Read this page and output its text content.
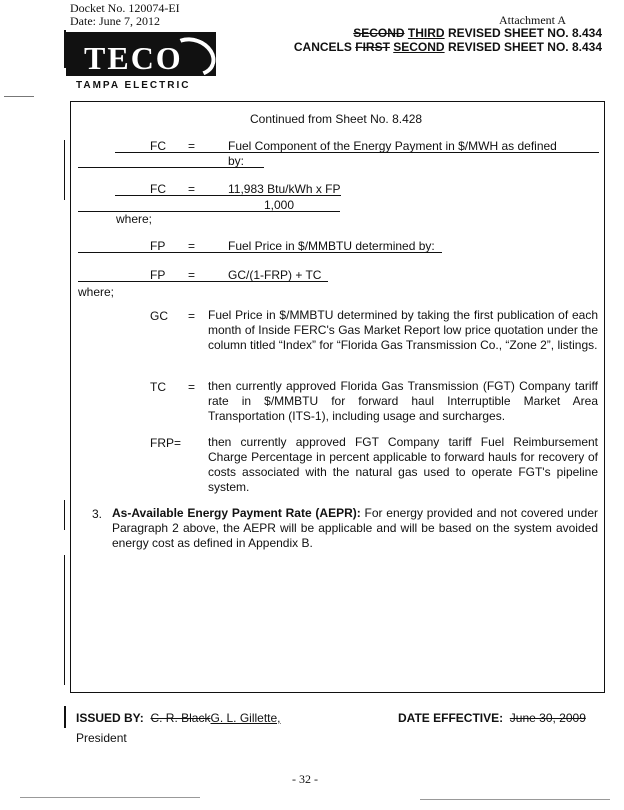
Docket No. 120074-EI
Date: June 7, 2012	Attachment A
SECOND THIRD REVISED SHEET NO. 8.434
CANCELS FIRST SECOND REVISED SHEET NO. 8.434
TECO
TAMPA ELECTRIC
Continued from Sheet No. 8.428
FC =	Fuel Component of the Energy Payment in $/MWH as defined
by:
FC =	11,983 Btu/kWh x FP
1,000
where;
FP =	Fuel Price in $/MMBTU determined by:
FP =	GC/(1-FRP) + TC
where;
GC = Fuel Price in $/MMBTU determined by taking the first publication of each month of Inside FERC's Gas Market Report low price quotation under the column titled “Index” for “Florida Gas Transmission Co., “Zone 2”, listings.
TC = then currently approved Florida Gas Transmission (FGT) Company tariff rate in $/MMBTU for forward haul Interruptible Market Area Transportation (ITS-1), including usage and surcharges.
FRP= then currently approved FGT Company tariff Fuel Reimbursement Charge Percentage in percent applicable to forward hauls for recovery of costs associated with the natural gas used to operate FGT's pipeline system.
3. As-Available Energy Payment Rate (AEPR): For energy provided and not covered under Paragraph 2 above, the AEPR will be applicable and will be based on the system avoided energy cost as defined in Appendix B.
ISSUED BY: C. R. BlackG. L. Gillette,
President
DATE EFFECTIVE: June 30, 2009
- 32 -
